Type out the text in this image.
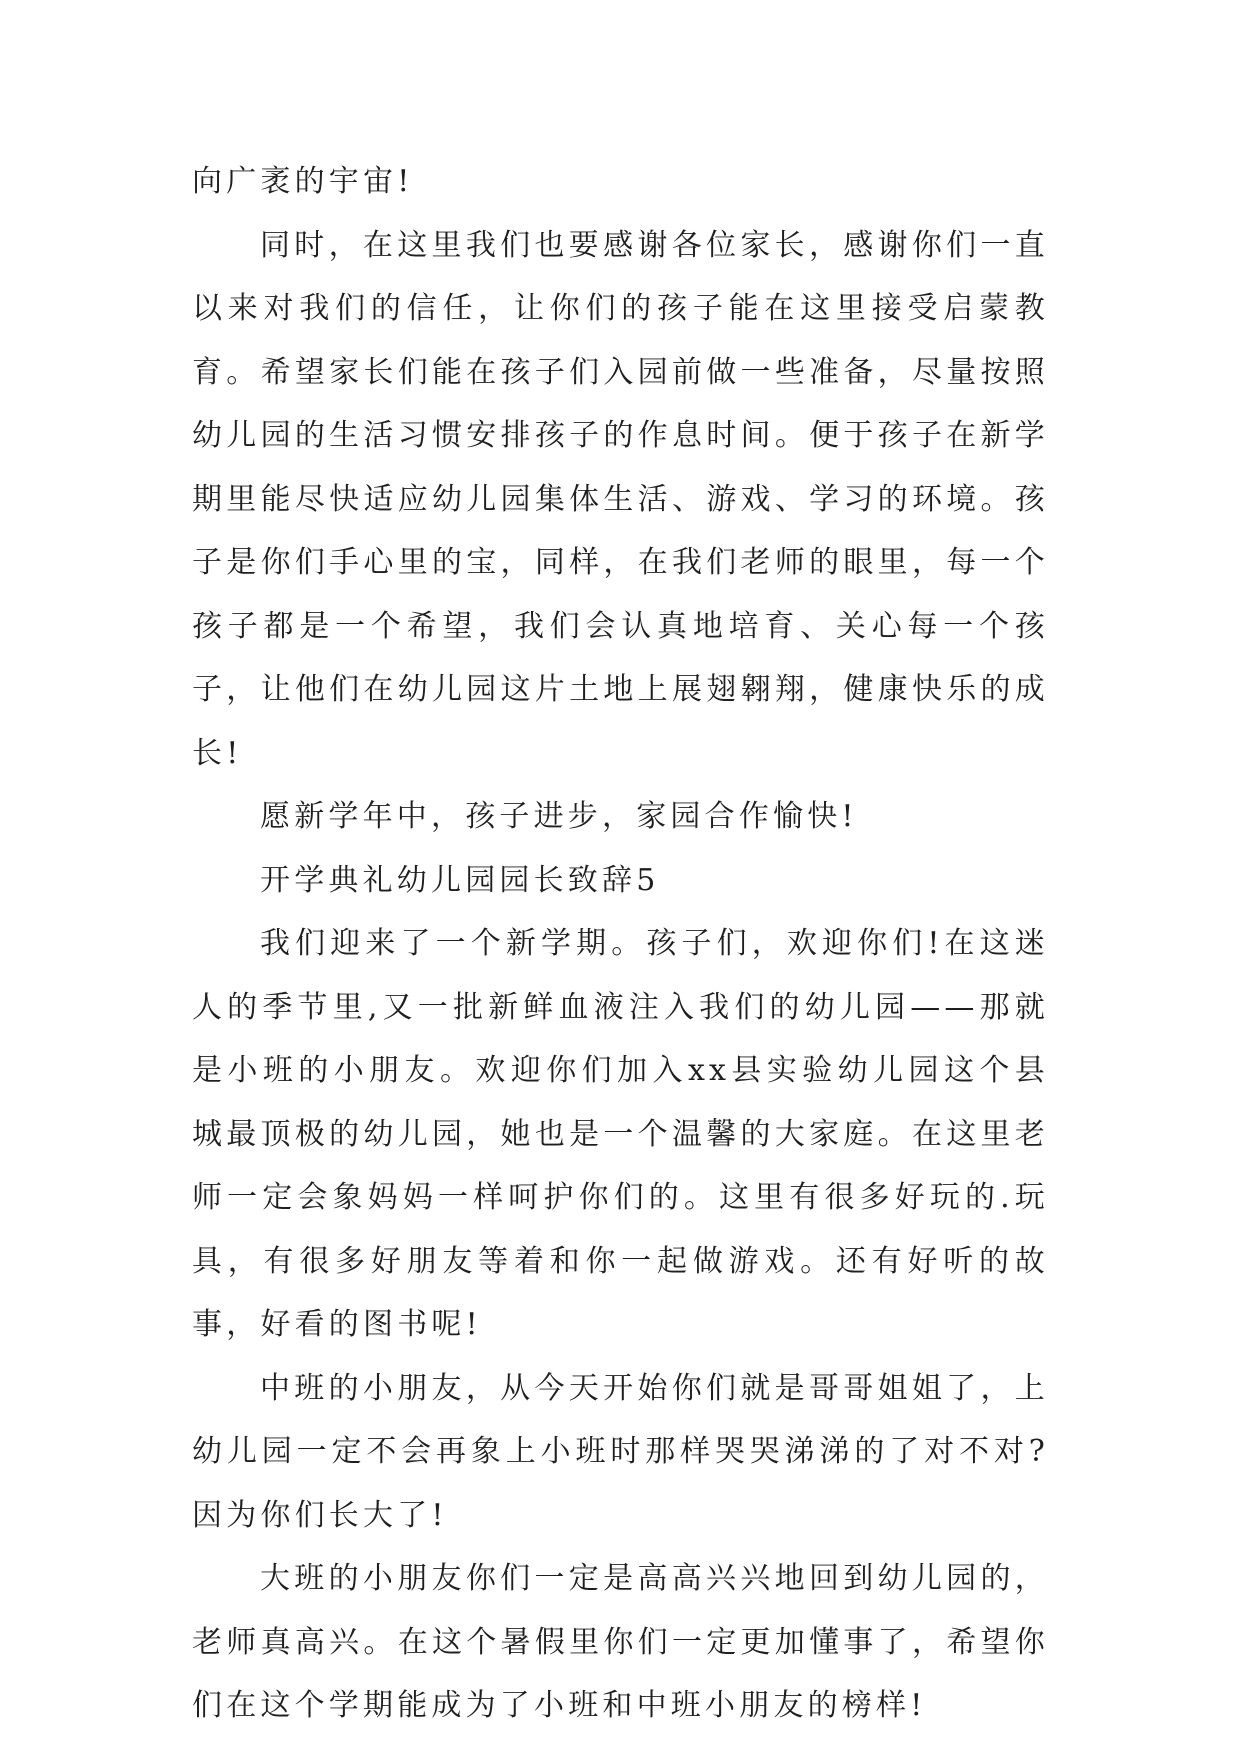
向广袤的宇宙!

同时，在这里我们也要感谢各位家长，感谢你们一直以来对我们的信任，让你们的孩子能在这里接受启蒙教育。希望家长们能在孩子们入园前做一些准备，尽量按照幼儿园的生活习惯安排孩子的作息时间。便于孩子在新学期里能尽快适应幼儿园集体生活、游戏、学习的环境。孩子是你们手心里的宝，同样，在我们老师的眼里，每一个孩子都是一个希望，我们会认真地培育、关心每一个孩子，让他们在幼儿园这片土地上展翅翱翔，健康快乐的成长!

愿新学年中，孩子进步，家园合作愉快!

开学典礼幼儿园园长致辞5

我们迎来了一个新学期。孩子们，欢迎你们!在这迷人的季节里,又一批新鲜血液注入我们的幼儿园——那就是小班的小朋友。欢迎你们加入xx县实验幼儿园这个县城最顶极的幼儿园，她也是一个温馨的大家庭。在这里老师一定会象妈妈一样呵护你们的。这里有很多好玩的.玩具，有很多好朋友等着和你一起做游戏。还有好听的故事，好看的图书呢!

中班的小朋友，从今天开始你们就是哥哥姐姐了，上幼儿园一定不会再象上小班时那样哭哭涕涕的了对不对?因为你们长大了!

大班的小朋友你们一定是高高兴兴地回到幼儿园的，老师真高兴。在这个暑假里你们一定更加懂事了，希望你们在这个学期能成为了小班和中班小朋友的榜样!
